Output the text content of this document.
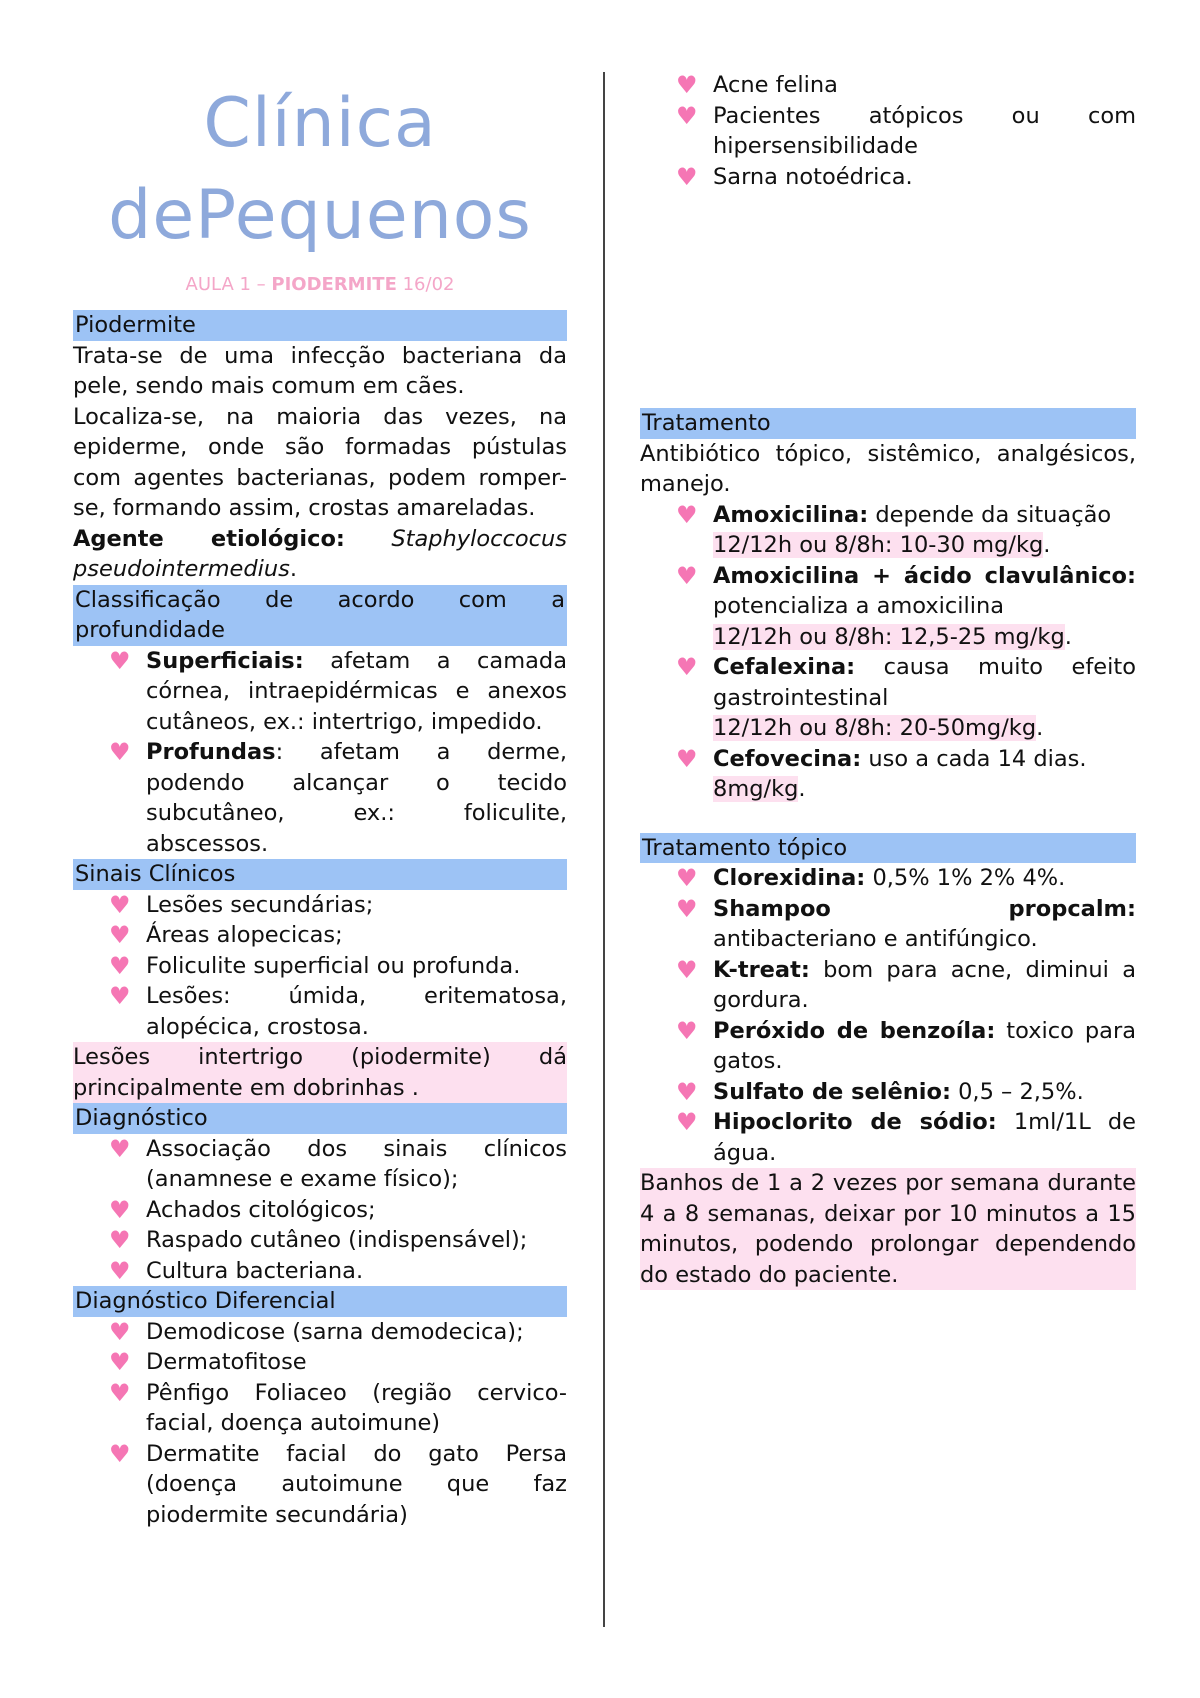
Clínica
dePequenos
AULA 1 – PIODERMITE 16/02
Piodermite

Trata-se de uma infecção bacteriana da pele, sendo mais comum em cães.

Localiza-se, na maioria das vezes, na epiderme, onde são formadas pústulas com agentes bacterianas, podem romper-se, formando assim, crostas amareladas.

Agente etiológico: Staphyloccocus pseudointermedius.

Classificação de acordo com a profundidade
♥ Superficiais: afetam a camada córnea, intraepidérmicas e anexos cutâneos, ex.: intertrigo, impedido.
♥ Profundas: afetam a derme, podendo alcançar o tecido subcutâneo, ex.: foliculite, abscessos.
Sinais Clínicos
♥ Lesões secundárias;
♥ Áreas alopecicas;
♥ Foliculite superficial ou profunda.
♥ Lesões: úmida, eritematosa, alopécica, crostosa.

Lesões intertrigo (piodermite) dá principalmente em dobrinhas .

Diagnóstico
♥ Associação dos sinais clínicos (anamnese e exame físico);
♥ Achados citológicos;
♥ Raspado cutâneo (indispensável);
♥ Cultura bacteriana.
Diagnóstico Diferencial
♥ Demodicose (sarna demodecica);
♥ Dermatofitose
♥ Pênfigo Foliaceo (região cervico-facial, doença autoimune)
♥ Dermatite facial do gato Persa (doença autoimune que faz piodermite secundária)
♥ Acne felina
♥ Pacientes atópicos ou com hipersensibilidade
♥ Sarna notoédrica.
Tratamento

Antibiótico tópico, sistêmico, analgésicos, manejo.

♥ Amoxicilina: depende da situação
12/12h ou 8/8h: 10-30 mg/kg.
♥ Amoxicilina + ácido clavulânico: potencializa a amoxicilina
12/12h ou 8/8h: 12,5-25 mg/kg.
♥ Cefalexina: causa muito efeito gastrointestinal
12/12h ou 8/8h: 20-50mg/kg.
♥ Cefovecina: uso a cada 14 dias.
8mg/kg.
Tratamento tópico
♥ Clorexidina: 0,5% 1% 2% 4%.
♥ Shampoo propcalm: antibacteriano e antifúngico.
♥ K-treat: bom para acne, diminui a gordura.
♥ Peróxido de benzoíla: toxico para gatos.
♥ Sulfato de selênio: 0,5 – 2,5%.
♥ Hipoclorito de sódio: 1ml/1L de água.

Banhos de 1 a 2 vezes por semana durante 4 a 8 semanas, deixar por 10 minutos a 15 minutos, podendo prolongar dependendo do estado do paciente.
